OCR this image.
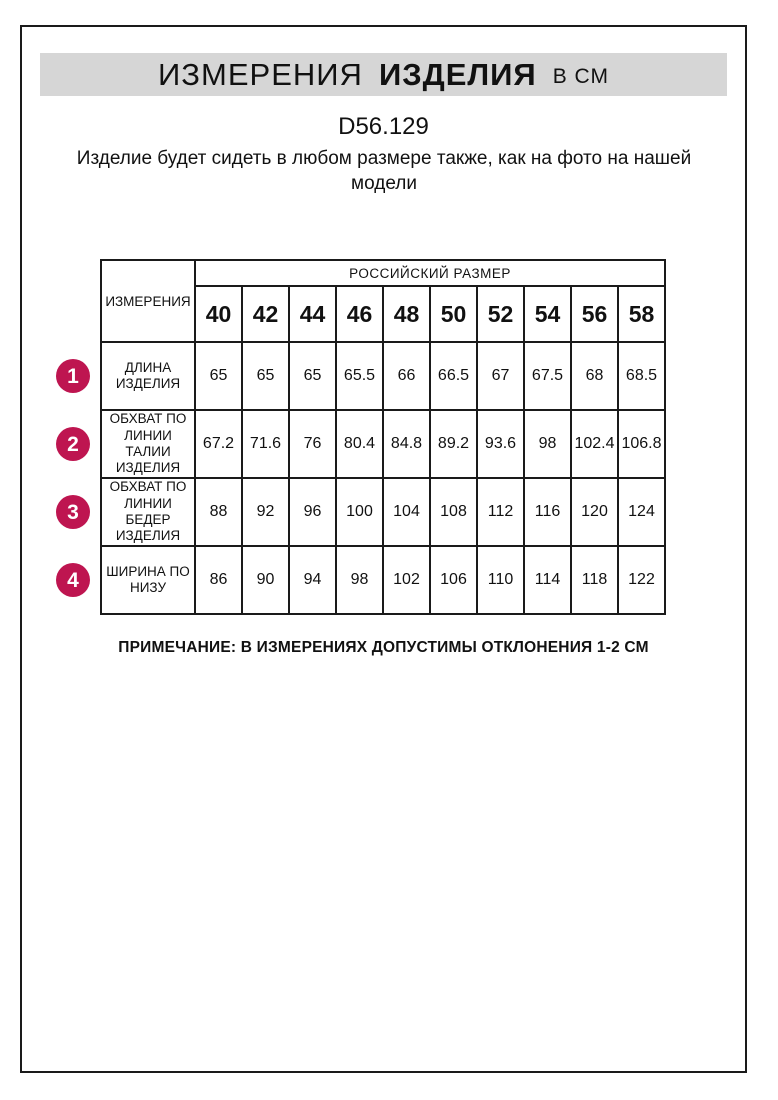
ИЗМЕРЕНИЯ ИЗДЕЛИЯ В СМ
D56.129
Изделие будет сидеть в любом размере также, как на фото на нашей модели
ИЗМЕРЕНИЯ	РОССИЙСКИЙ РАЗМЕР									
	40	42	44	46	48	50	52	54	56	58

1 ДЛИНА ИЗДЕЛИЯ	65	65	65	65.5	66	66.5	67	67.5	68	68.5

2
ОБХВАТ ПО ЛИНИИ ТАЛИИ ИЗДЕЛИЯ	67.2	71.6	76	80.4	84.8	89.2	93.6	98	102.4	106.8

3
ОБХВАТ ПО ЛИНИИ БЕДЕР ИЗДЕЛИЯ	88	92	96	100	104	108	112	116	120	124

4 ШИРИНА ПО НИЗУ	86	90	94	98	102	106	110	114	118	122
ПРИМЕЧАНИЕ: В ИЗМЕРЕНИЯХ ДОПУСТИМЫ ОТКЛОНЕНИЯ 1-2 СМ
